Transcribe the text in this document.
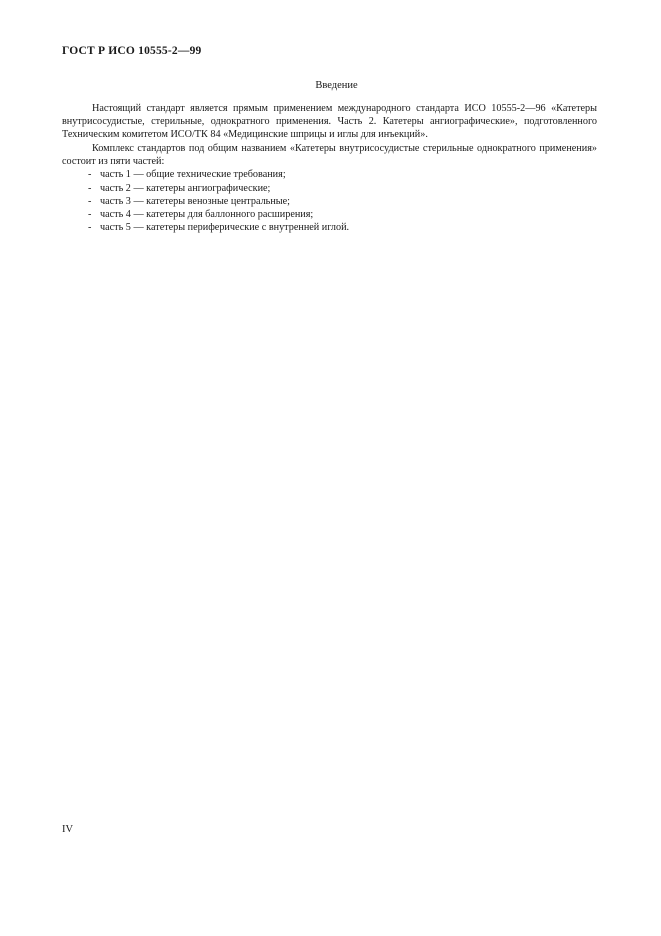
ГОСТ Р ИСО 10555-2—99
Введение

Настоящий стандарт является прямым применением международного стандарта ИСО 10555-2—96 «Катетеры внутрисосудистые, стерильные, однократного применения. Часть 2. Катетеры ангиографические», подготовленного Техническим комитетом ИСО/ТК 84 «Медицинские шприцы и иглы для инъекций».

Комплекс стандартов под общим названием «Катетеры внутрисосудистые стерильные однократного применения» состоит из пяти частей:

- часть 1 — общие технические требования;
- часть 2 — катетеры ангиографические;
- часть 3 — катетеры венозные центральные;
- часть 4 — катетеры для баллонного расширения;
- часть 5 — катетеры периферические с внутренней иглой.
IV
